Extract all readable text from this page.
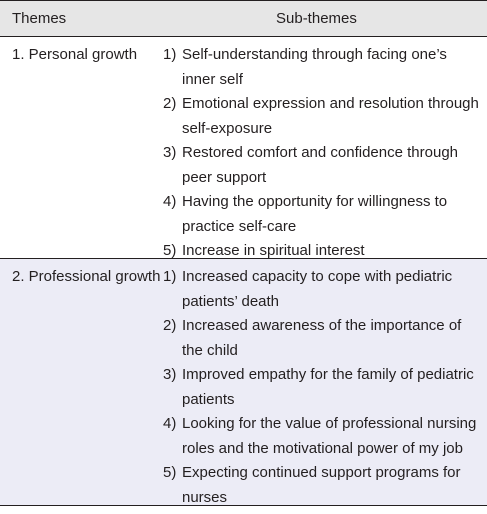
Themes	Sub-themes
1. Personal growth	1) Self-understanding through facing one’s inner self
2) Emotional expression and resolution through self-exposure
3) Restored comfort and confidence through peer support
4) Having the opportunity for willingness to practice self-care
5) Increase in spiritual interest
2. Professional growth 1) Increased capacity to cope with pediatric patients’ death
2) Increased awareness of the importance of the child
3) Improved empathy for the family of pediatric patients
4) Looking for the value of professional nursing roles and the motivational power of my job
5) Expecting continued support programs for nurses
